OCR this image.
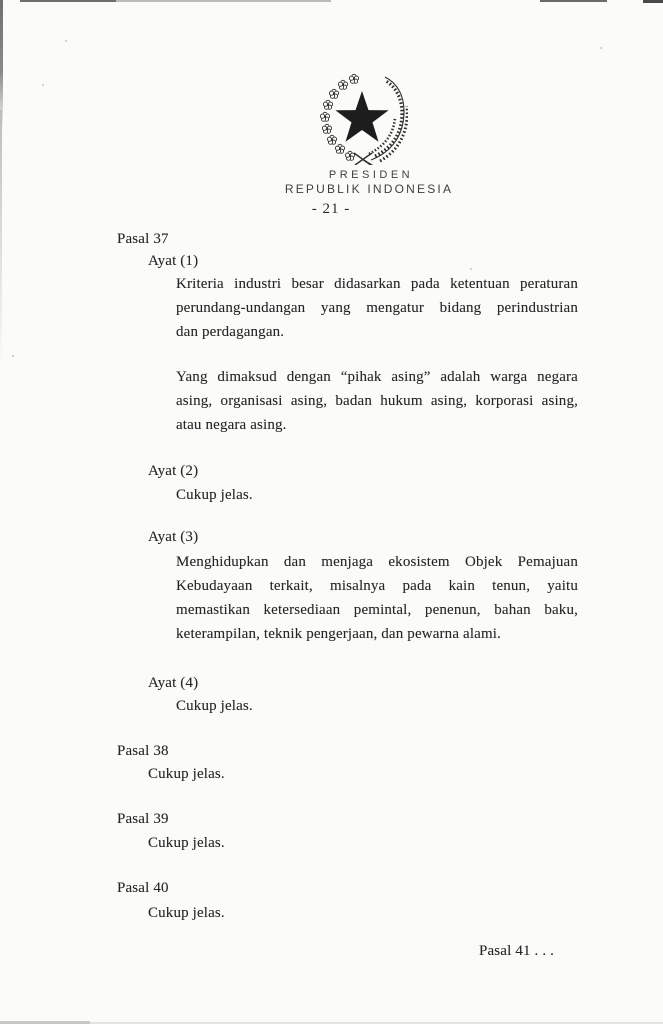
PRESIDEN
REPUBLIK INDONESIA
- 21 -
Pasal 37
Ayat (1)
Kriteria industri besar didasarkan pada ketentuan peraturan
perundang-undangan yang mengatur bidang perindustrian
dan perdagangan.
Yang dimaksud dengan “pihak asing” adalah warga negara
asing, organisasi asing, badan hukum asing, korporasi asing,
atau negara asing.
Ayat (2)
Cukup jelas.
Ayat (3)
Menghidupkan dan menjaga ekosistem Objek Pemajuan
Kebudayaan terkait, misalnya pada kain tenun, yaitu
memastikan ketersediaan pemintal, penenun, bahan baku,
keterampilan, teknik pengerjaan, dan pewarna alami.
Ayat (4)
Cukup jelas.
Pasal 38
Cukup jelas.
Pasal 39
Cukup jelas.
Pasal 40
Cukup jelas.
Pasal 41 . . .
